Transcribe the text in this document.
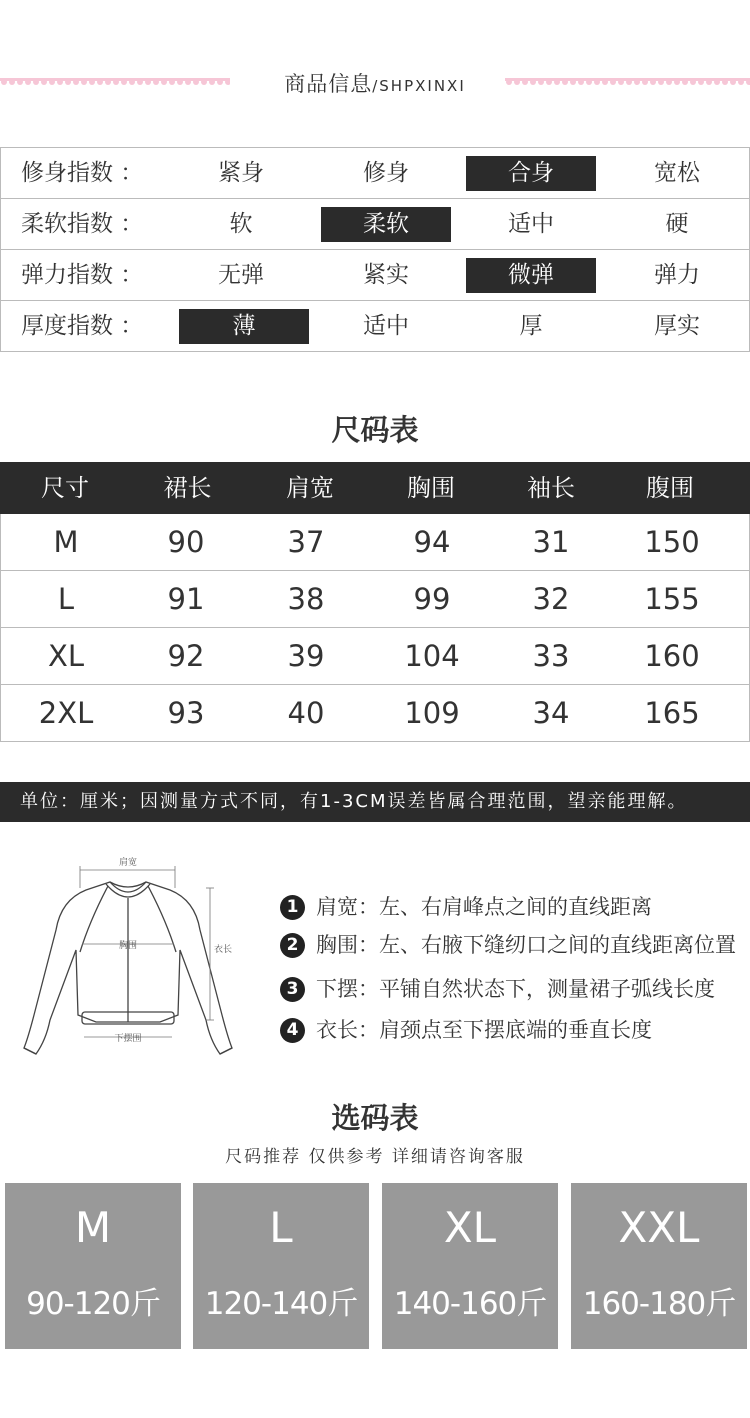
商品信息/SHPXINXI
修身指数 ：	紧身	修身	合身	宽松
柔软指数 ：	软	柔软	适中	硬
弹力指数 ：	无弹	紧实	微弹	弹力
厚度指数 ：	薄	适中	厚	厚实
尺码表
尺寸	裙长	肩宽	胸围	袖长	腹围
M	90	37	94	31	150
L	91	38	99	32	155
XL	92	39	104	33	160
2XL	93	40	109	34	165
单位：厘米；因测量方式不同，有1-3CM误差皆属合理范围，望亲能理解。
肩宽
胸围	衣长
下摆围
1 肩宽：左、右肩峰点之间的直线距离
2 胸围：左、右腋下缝纫口之间的直线距离位置
3 下摆：平铺自然状态下，测量裙子弧线长度
4 衣长：肩颈点至下摆底端的垂直长度
选码表
尺码推荐 仅供参考 详细请咨询客服
M
90-120斤
L
120-140斤
XL
140-160斤
XXL
160-180斤
